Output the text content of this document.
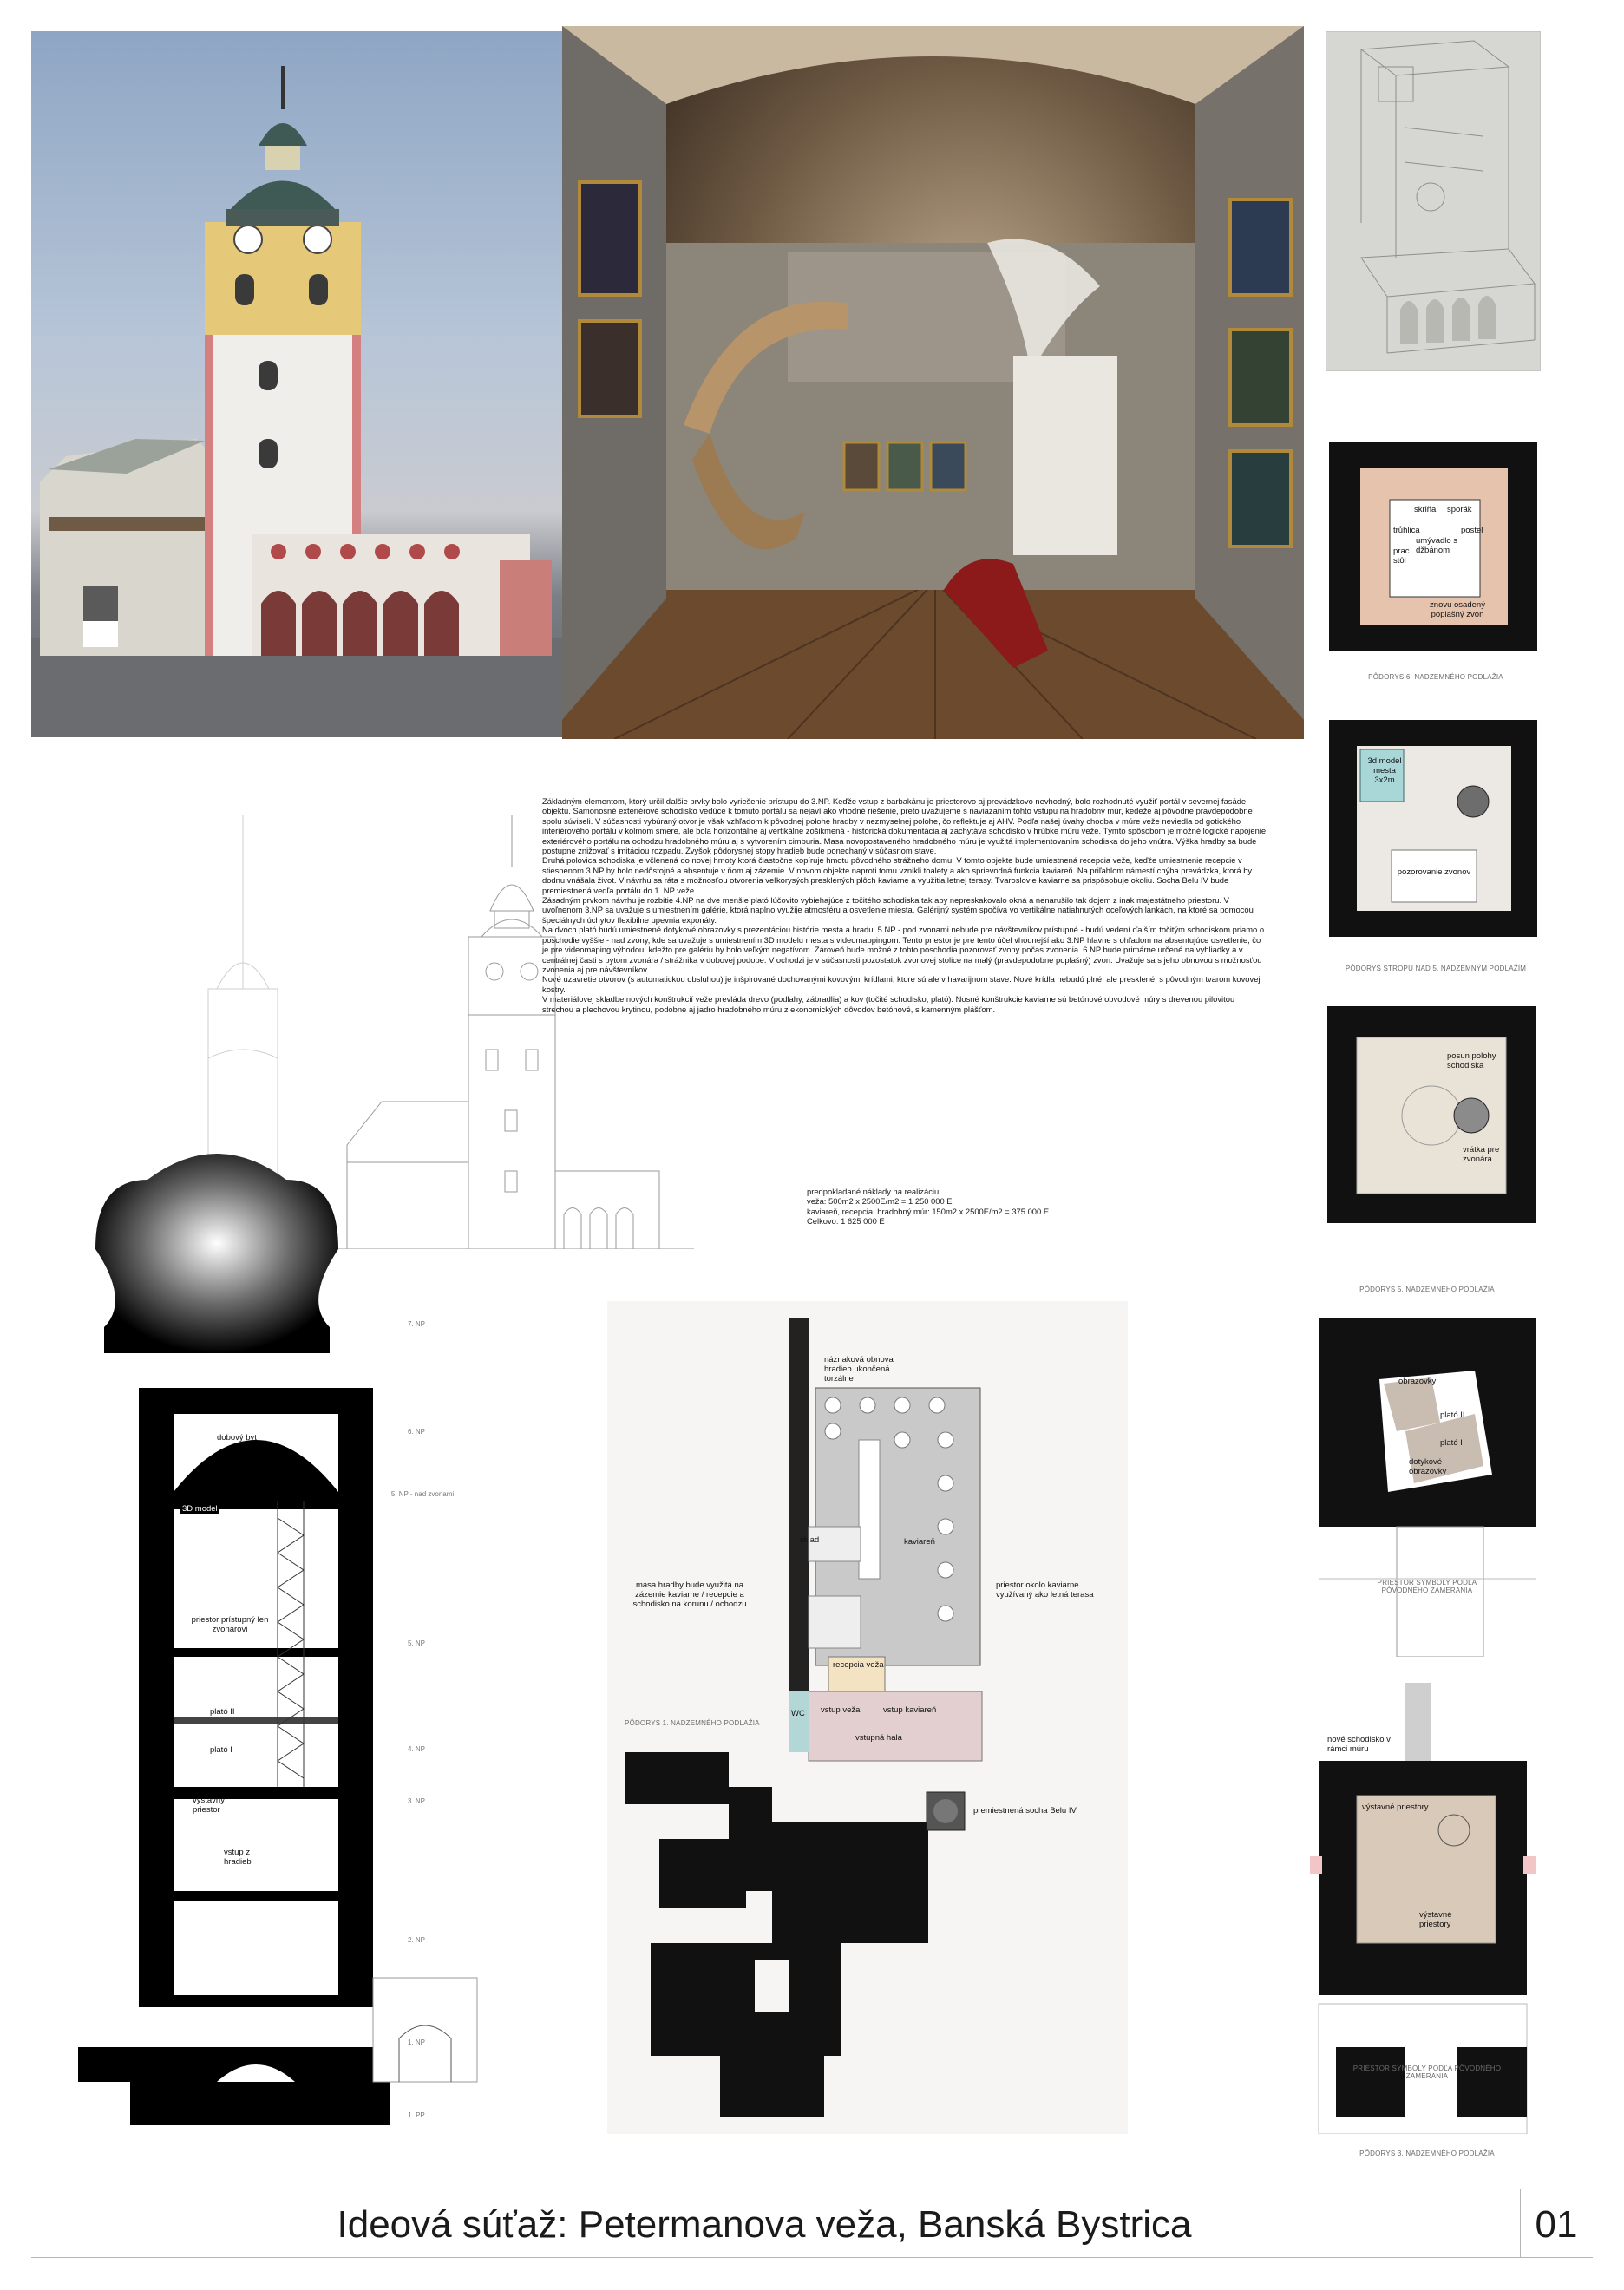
skriňa sporák
trůhlica
umývadlo s džbánom
posteľ
prac. stôl
znovu osadený poplašný zvon
PÔDORYS 6. NADZEMNÉHO PODLAŽIA
3d model mesta 3x2m
pozorovanie zvonov
PÔDORYS STROPU NAD 5. NADZEMNÝM PODLAŽÍM
posun polohy schodiska
vrátka pre zvonára
PÔDORYS 5. NADZEMNÉHO PODLAŽIA
dotykové obrazovky
plató II
plató I
dotykové obrazovky
PRIESTOR SYMBOLY PODĽA PÔVODNÉHO ZAMERANIA
nové schodisko v rámci múru
výstavné priestory
výstavné priestory
PRIESTOR SYMBOLY PODĽA PÔVODNÉHO ZAMERANIA
PÔDORYS 3. NADZEMNÉHO PODLAŽIA

Základným elementom, ktorý určil ďalšie prvky bolo vyriešenie prístupu do 3.NP. Keďže vstup z barbakánu je priestorovo aj prevádzkovo nevhodný, bolo rozhodnuté využiť portál v severnej fasáde objektu. Samonosné exteriérové schodisko vedúce k tomuto portálu sa nejaví ako vhodné riešenie, preto uvažujeme s naviazaním tohto vstupu na hradobný múr, kedeže aj pôvodne pravdepodobne spolu súviseli. V súčasnosti vybúraný otvor je však vzhľadom k pôvodnej polohe hradby v nezmyselnej polohe, čo reflektuje aj AHV. Podľa našej úvahy chodba v múre veže neviedla od gotického interiérového portálu v kolmom smere, ale bola horizontálne aj vertikálne zošikmená - historická dokumentácia aj zachytáva schodisko v hrúbke múru veže. Týmto spôsobom je možné logické napojenie exteriérového portálu na ochodzu hradobného múru aj s vytvorením cimburia. Masa novopostaveného hradobného múru je využitá implementovaním schodiska do jeho vnútra. Výška hradby sa bude postupne znižovať s imitáciou rozpadu. Zvyšok pôdorysnej stopy hradieb bude ponechaný v súčasnom stave.

Druhá polovica schodiska je včlenená do novej hmoty ktorá čiastočne kopíruje hmotu pôvodného strážneho domu. V tomto objekte bude umiestnená recepcia veže, keďže umiestnenie recepcie v stiesnenom 3.NP by bolo nedôstojné a absentuje v ňom aj zázemie. V novom objekte naproti tomu vznikli toalety a ako sprievodná funkcia kaviareň. Na priľahlom námestí chýba prevádzka, ktorá by dodnu vnášala život. V návrhu sa ráta s možnosťou otvorenia veľkorysých presklených plôch kaviarne a využitia letnej terasy. Tvaroslovie kaviarne sa prispôsobuje okoliu. Socha Belu IV bude premiestnená vedľa portálu do 1. NP veže.

Zásadným prvkom návrhu je rozbitie 4.NP na dve menšie plató lúčovito vybiehajúce z točitého schodiska tak aby nepreskakovalo okná a nenarušilo tak dojem z inak majestátneho priestoru. V uvoľnenom 3.NP sa uvažuje s umiestnením galérie, ktorá naplno využije atmosféru a osvetlenie miesta. Galérijný systém spočíva vo vertikálne natiahnutých oceľových lankách, na ktoré sa pomocou špeciálnych úchytov flexibilne upevnia exponáty.

Na dvoch plató budú umiestnené dotykové obrazovky s prezentáciou histórie mesta a hradu. 5.NP - pod zvonami nebude pre návštevníkov prístupné - budú vedení ďalším točitým schodiskom priamo o poschodie vyššie - nad zvony, kde sa uvažuje s umiestnením 3D modelu mesta s videomappingom. Tento priestor je pre tento účel vhodnejší ako 3.NP hlavne s ohľadom na absentujúce osvetlenie, čo je pre videomaping výhodou, kdežto pre galériu by bolo veľkým negatívom. Zároveň bude možné z tohto poschodia pozorovať zvony počas zvonenia. 6.NP bude primárne určené na vyhliadky a v centrálnej časti s bytom zvonára / strážnika v dobovej podobe. V ochodzi je v súčasnosti pozostatok zvonovej stolice na malý (pravdepodobne poplašný) zvon. Uvažuje sa s jeho obnovou s možnosťou zvonenia aj pre návštevníkov.

Nové uzavretie otvorov (s automatickou obsluhou) je inšpirované dochovanými kovovými krídlami, ktore sú ale v havarijnom stave. Nové krídla nebudú plné, ale presklené, s pôvodným tvarom kovovej kostry.

V materiálovej skladbe nových konštrukcií veže prevláda drevo (podlahy, zábradlia) a kov (točité schodisko, plató). Nosné konštrukcie kaviarne sú betónové obvodové múry s drevenou pilovitou strechou a plechovou krytinou, podobne aj jadro hradobného múru z ekonomických dôvodov betónové, s kamenným plášťom.

predpokladané náklady na realizáciu:
veža: 500m2 x 2500E/m2 = 1 250 000 E
kaviareň, recepcia, hradobný múr: 150m2 x 2500E/m2 = 375 000 E
Celkovo: 1 625 000 E
dobový byt
3D model
priestor prístupný len zvonárovi
plató II
plató I
výstavný priestor
vstup z hradieb
7. NP
6. NP
5. NP - nad zvonami
5. NP
4. NP
3. NP
2. NP
1. NP
1. PP
náznaková obnova hradieb ukončená torzálne
masa hradby bude využitá na zázemie kaviarne / recepcie a schodisko na korunu / ochodzu
sklad	kaviareň
priestor okolo kaviarne využívaný ako letná terasa
recepcia veža
vstup veža	vstup kaviareň
vstupná hala
WC
premiestnená socha Belu IV
PÔDORYS 1. NADZEMNÉHO PODLAŽIA
Ideová súťaž: Petermanova veža, Banská Bystrica	01
